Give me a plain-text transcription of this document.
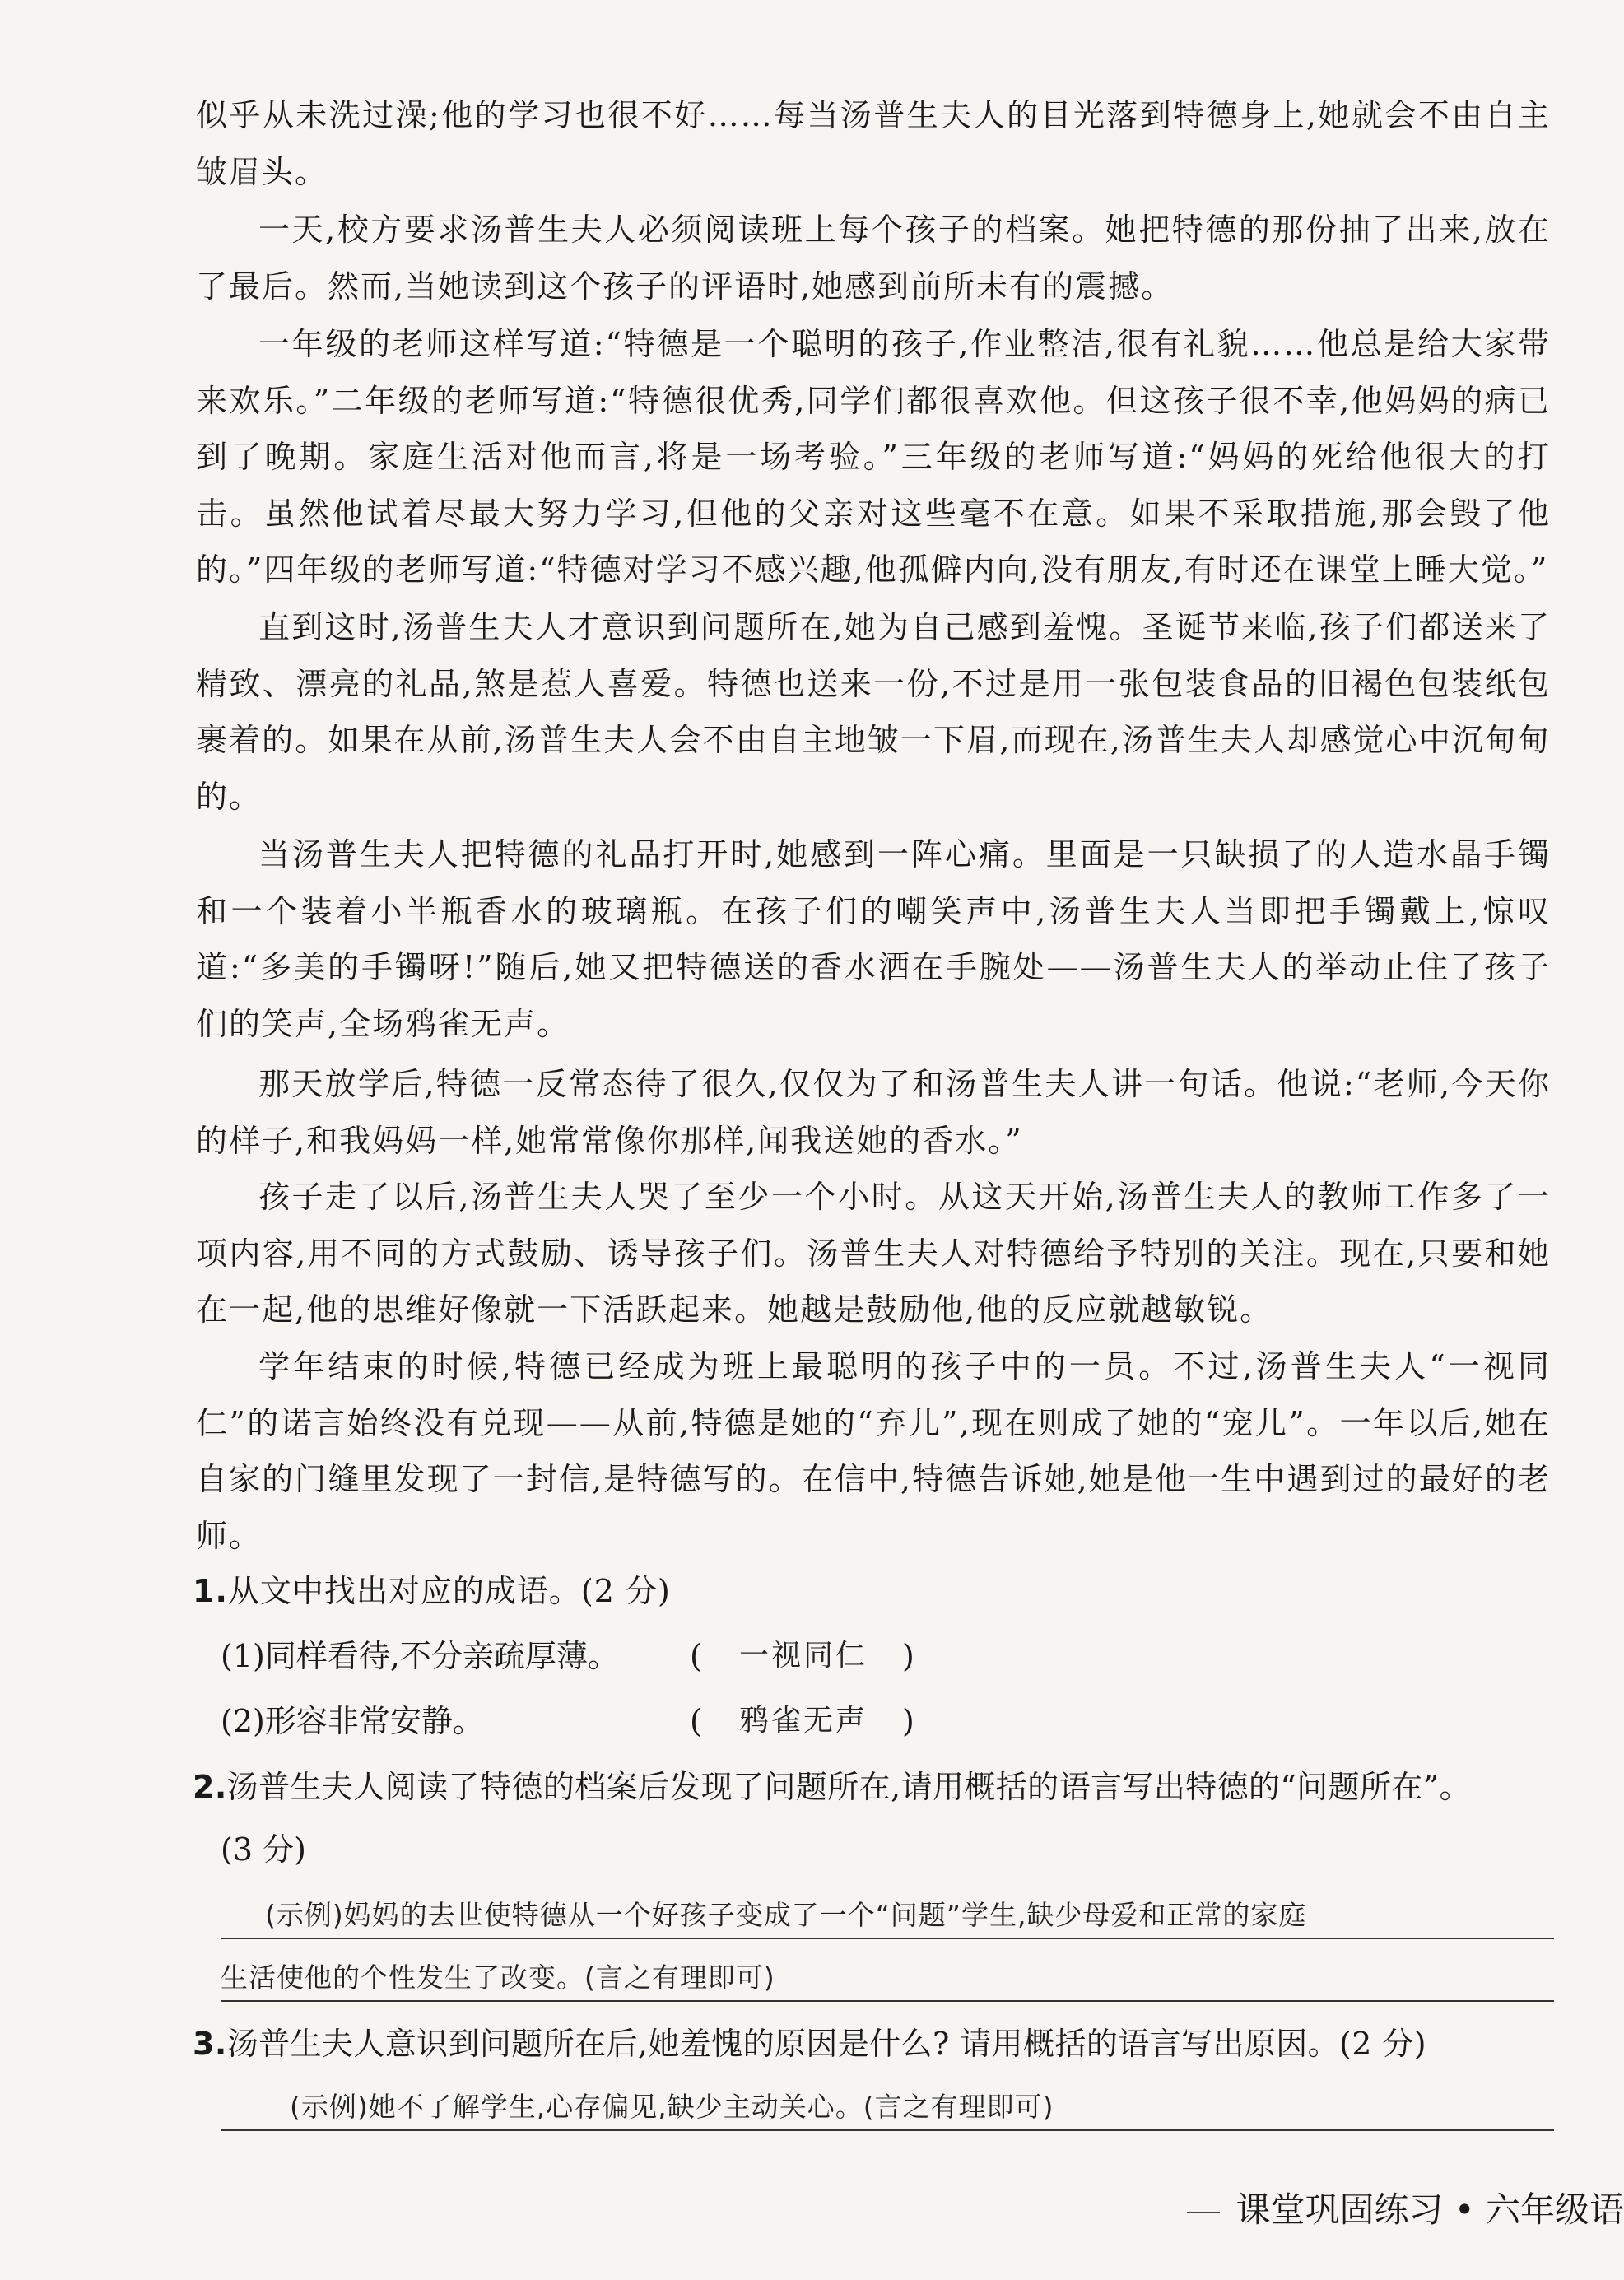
似乎从未洗过澡;他的学习也很不好……每当汤普生夫人的目光落到特德身上,她就会不由自主皱眉头。

一天,校方要求汤普生夫人必须阅读班上每个孩子的档案。她把特德的那份抽了出来,放在了最后。然而,当她读到这个孩子的评语时,她感到前所未有的震撼。

一年级的老师这样写道:“特德是一个聪明的孩子,作业整洁,很有礼貌……他总是给大家带来欢乐。”二年级的老师写道:“特德很优秀,同学们都很喜欢他。但这孩子很不幸,他妈妈的病已到了晚期。家庭生活对他而言,将是一场考验。”三年级的老师写道:“妈妈的死给他很大的打击。虽然他试着尽最大努力学习,但他的父亲对这些毫不在意。如果不采取措施,那会毁了他的。”四年级的老师写道:“特德对学习不感兴趣,他孤僻内向,没有朋友,有时还在课堂上睡大觉。”

直到这时,汤普生夫人才意识到问题所在,她为自己感到羞愧。圣诞节来临,孩子们都送来了精致、漂亮的礼品,煞是惹人喜爱。特德也送来一份,不过是用一张包装食品的旧褐色包装纸包裹着的。如果在从前,汤普生夫人会不由自主地皱一下眉,而现在,汤普生夫人却感觉心中沉甸甸的。

当汤普生夫人把特德的礼品打开时,她感到一阵心痛。里面是一只缺损了的人造水晶手镯和一个装着小半瓶香水的玻璃瓶。在孩子们的嘲笑声中,汤普生夫人当即把手镯戴上,惊叹道:“多美的手镯呀!”随后,她又把特德送的香水洒在手腕处——汤普生夫人的举动止住了孩子们的笑声,全场鸦雀无声。

那天放学后,特德一反常态待了很久,仅仅为了和汤普生夫人讲一句话。他说:“老师,今天你的样子,和我妈妈一样,她常常像你那样,闻我送她的香水。”

孩子走了以后,汤普生夫人哭了至少一个小时。从这天开始,汤普生夫人的教师工作多了一项内容,用不同的方式鼓励、诱导孩子们。汤普生夫人对特德给予特别的关注。现在,只要和她在一起,他的思维好像就一下活跃起来。她越是鼓励他,他的反应就越敏锐。

学年结束的时候,特德已经成为班上最聪明的孩子中的一员。不过,汤普生夫人“一视同仁”的诺言始终没有兑现——从前,特德是她的“弃儿”,现在则成了她的“宠儿”。一年以后,她在自家的门缝里发现了一封信,是特德写的。在信中,特德告诉她,她是他一生中遇到过的最好的老师。

1.从文中找出对应的成语。(2 分)
(1)同样看待,不分亲疏厚薄。 ( 一视同仁 )
(2)形容非常安静。	( 鸦雀无声 )
2.汤普生夫人阅读了特德的档案后发现了问题所在,请用概括的语言写出特德的“问题所在”。
(3 分)
(示例)妈妈的去世使特德从一个好孩子变成了一个“问题”学生,缺少母爱和正常的家庭
生活使他的个性发生了改变。(言之有理即可)
3.汤普生夫人意识到问题所在后,她羞愧的原因是什么? 请用概括的语言写出原因。(2 分)
(示例)她不了解学生,心存偏见,缺少主动关心。(言之有理即可)
课堂巩固练习 • 六年级语
